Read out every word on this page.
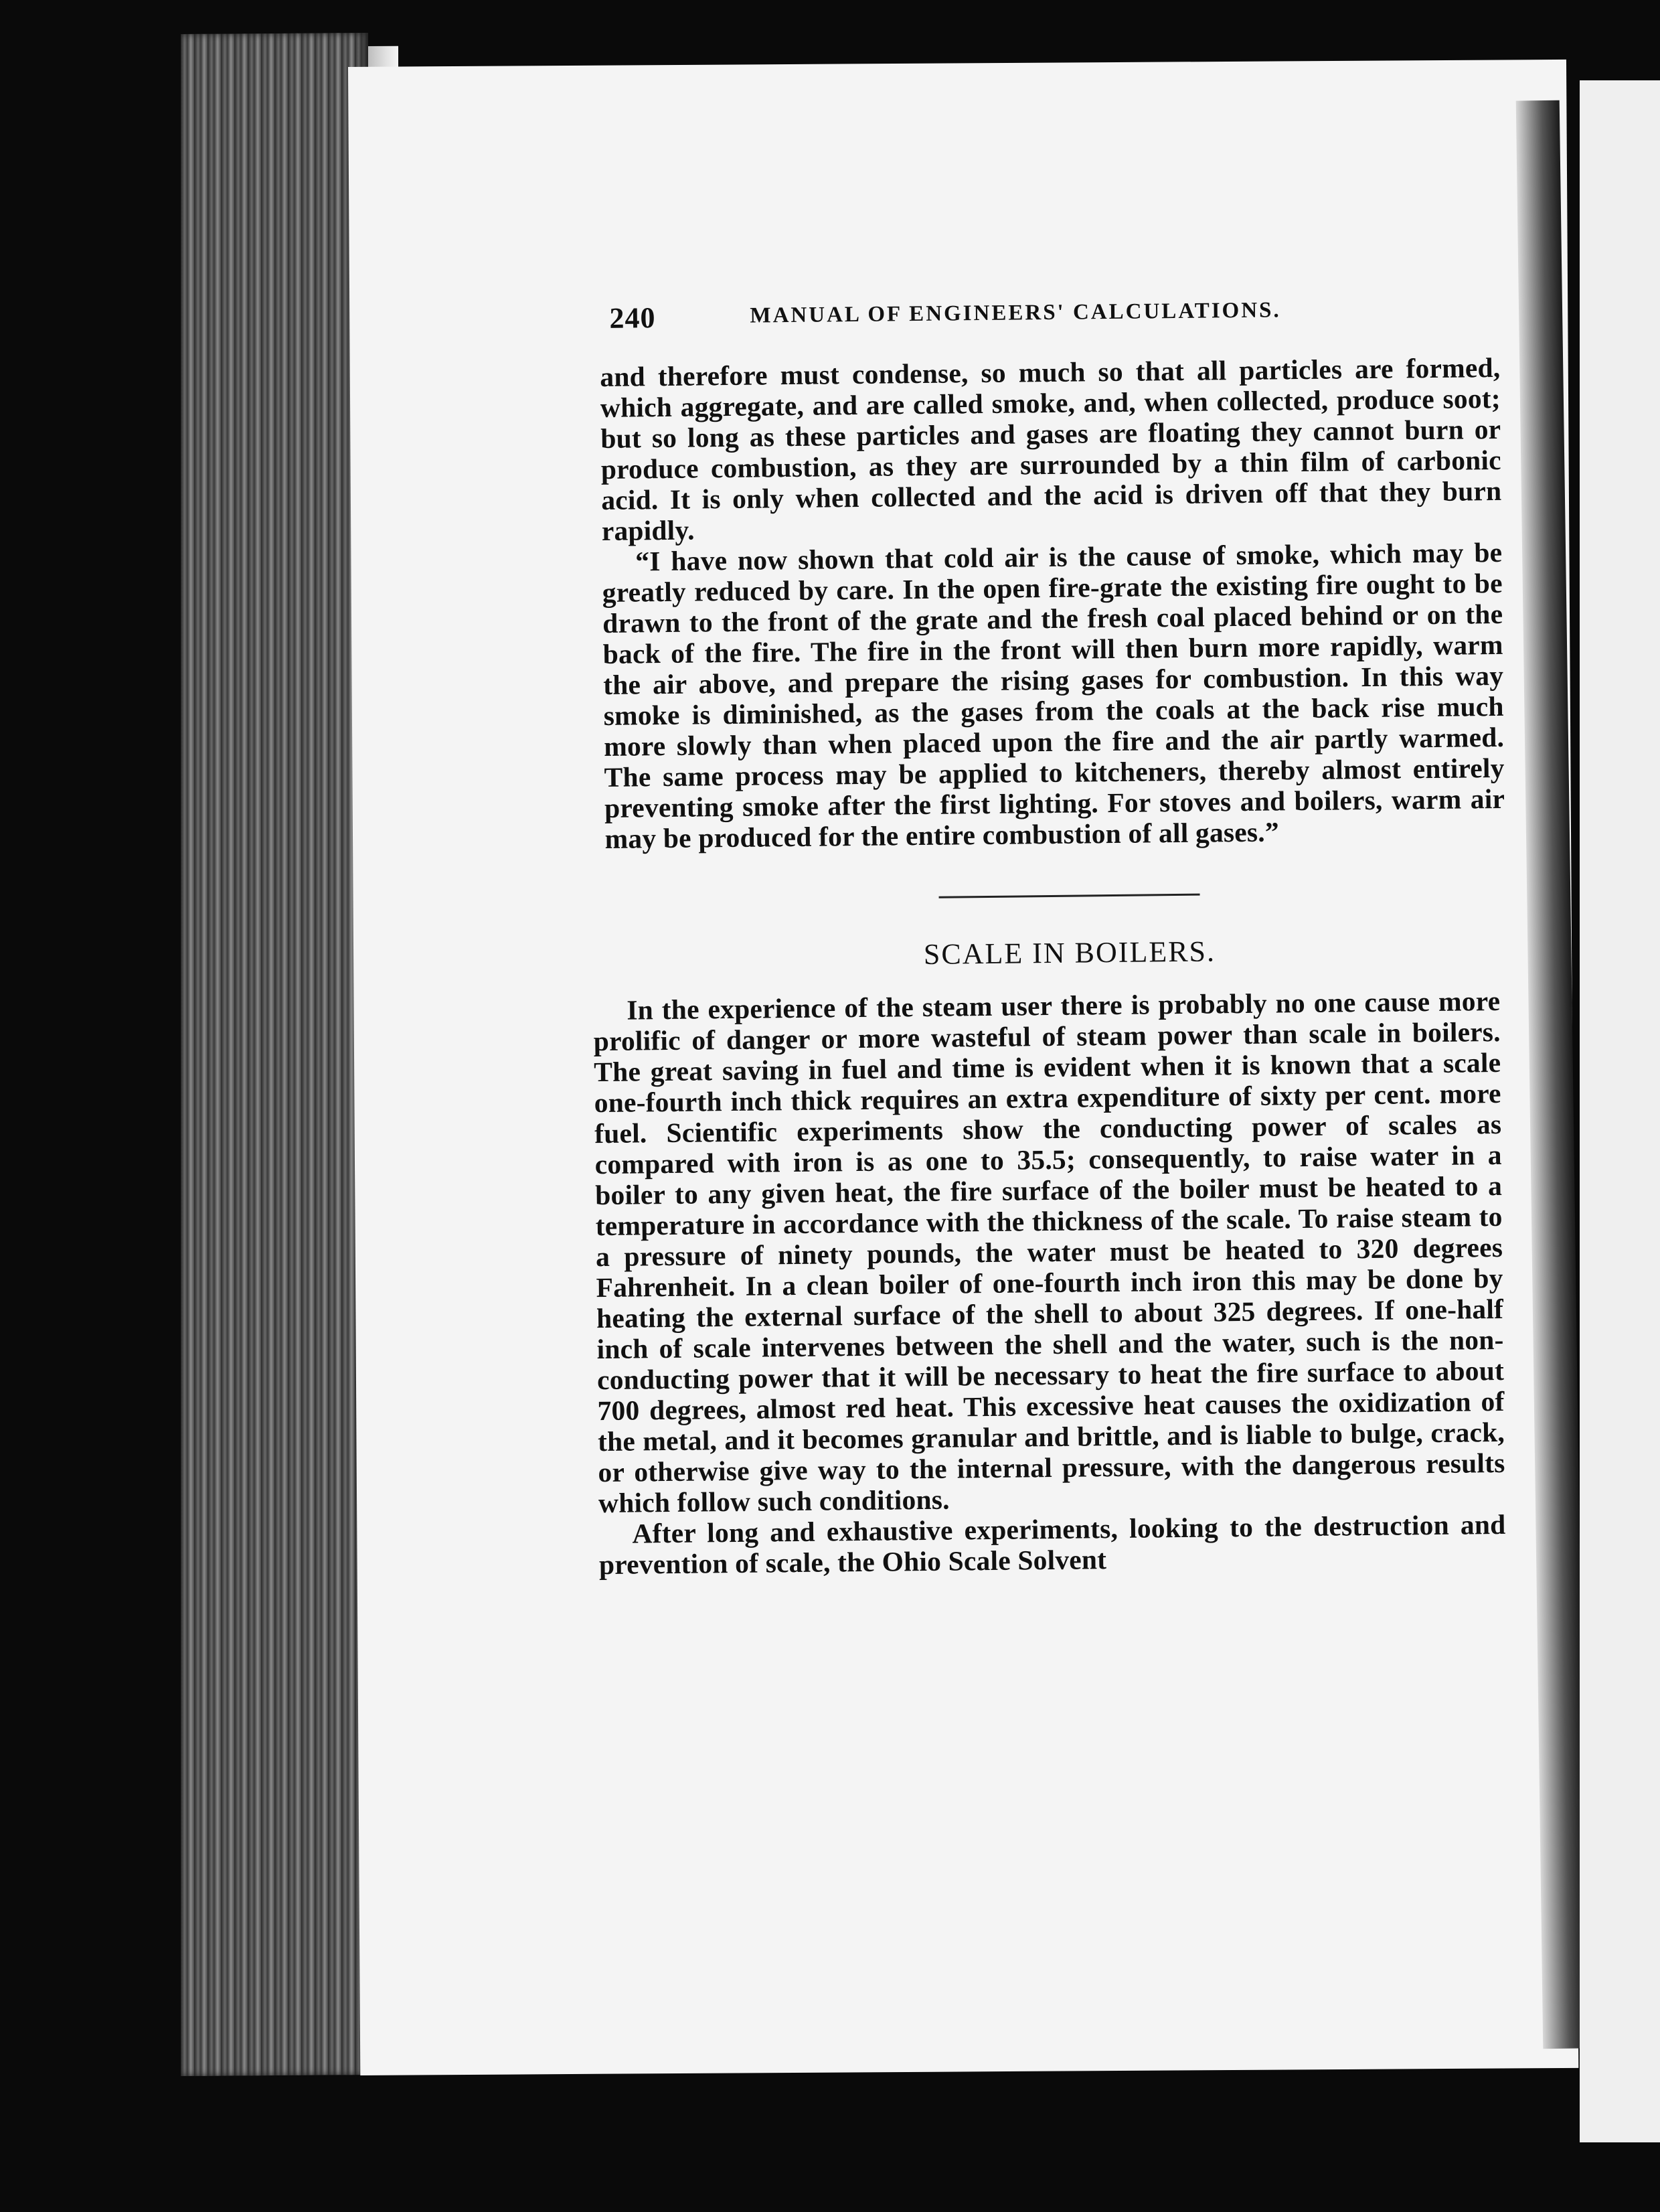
240	MANUAL OF ENGINEERS' CALCULATIONS.

and therefore must condense, so much so that all particles are formed, which aggregate, and are called smoke, and, when collected, produce soot; but so long as these particles and gases are floating they cannot burn or produce combustion, as they are surrounded by a thin film of carbonic acid. It is only when collected and the acid is driven off that they burn rapidly.

“I have now shown that cold air is the cause of smoke, which may be greatly reduced by care. In the open fire-grate the existing fire ought to be drawn to the front of the grate and the fresh coal placed behind or on the back of the fire. The fire in the front will then burn more rapidly, warm the air above, and prepare the rising gases for combustion. In this way smoke is diminished, as the gases from the coals at the back rise much more slowly than when placed upon the fire and the air partly warmed. The same process may be applied to kitcheners, thereby almost entirely preventing smoke after the first lighting. For stoves and boilers, warm air may be produced for the entire combustion of all gases.”

SCALE IN BOILERS.

In the experience of the steam user there is probably no one cause more prolific of danger or more wasteful of steam power than scale in boilers. The great saving in fuel and time is evident when it is known that a scale one-fourth inch thick requires an extra expenditure of sixty per cent. more fuel. Scientific experiments show the conducting power of scales as compared with iron is as one to 35.5; consequently, to raise water in a boiler to any given heat, the fire surface of the boiler must be heated to a temperature in accordance with the thickness of the scale. To raise steam to a pressure of ninety pounds, the water must be heated to 320 degrees Fahrenheit. In a clean boiler of one-fourth inch iron this may be done by heating the external surface of the shell to about 325 degrees. If one-half inch of scale intervenes between the shell and the water, such is the non-conducting power that it will be necessary to heat the fire surface to about 700 degrees, almost red heat. This excessive heat causes the oxidization of the metal, and it becomes granular and brittle, and is liable to bulge, crack, or otherwise give way to the internal pressure, with the dangerous results which follow such conditions.

After long and exhaustive experiments, looking to the destruction and prevention of scale, the Ohio Scale Solvent
